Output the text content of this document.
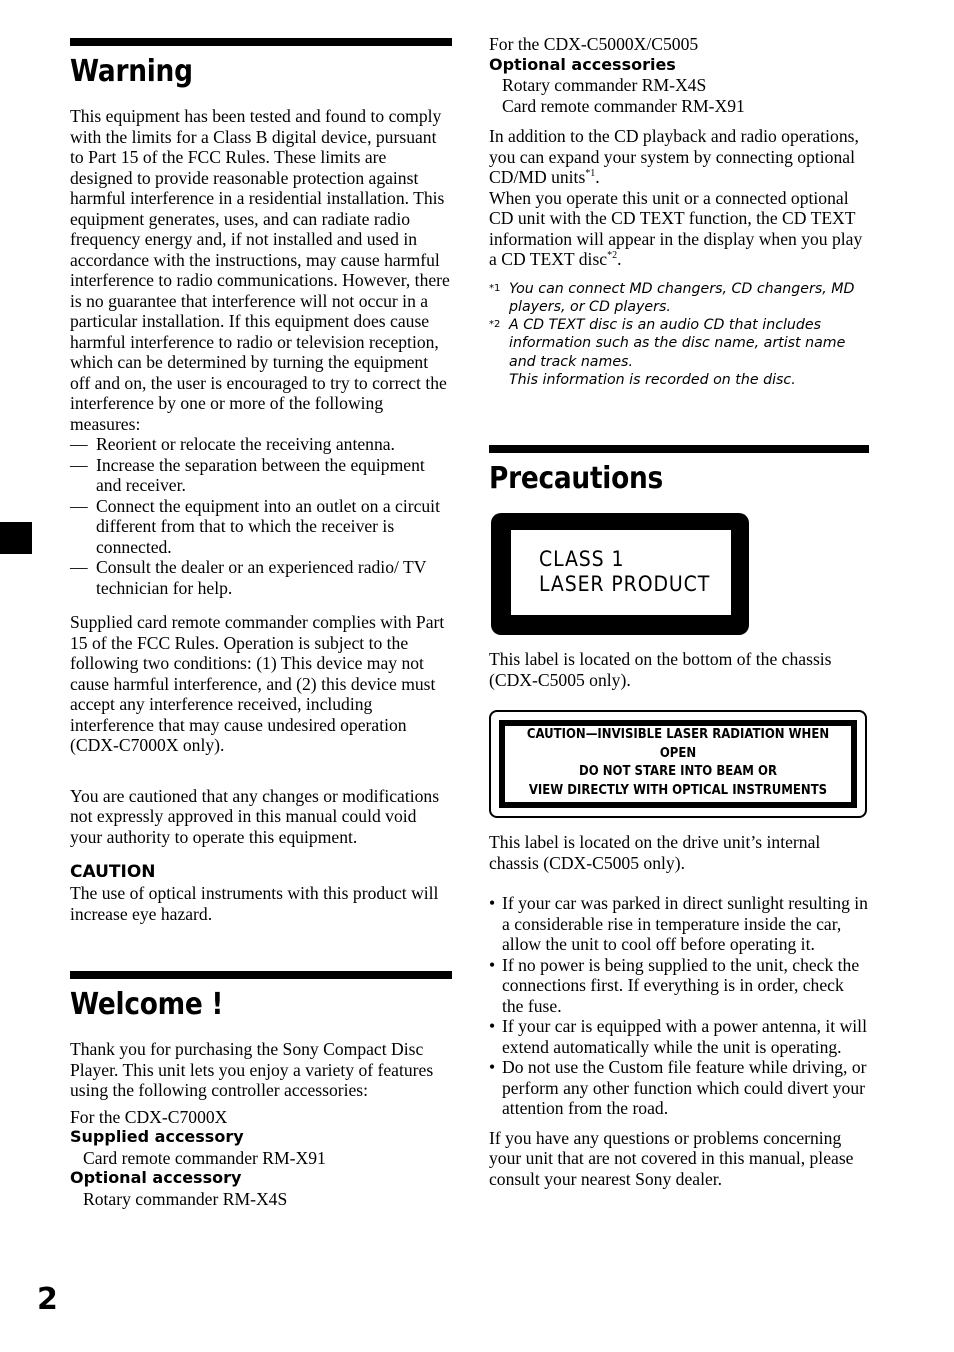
Warning

This equipment has been tested and found to comply with the limits for a Class B digital device, pursuant to Part 15 of the FCC Rules. These limits are designed to provide reasonable protection against harmful interference in a residential installation. This equipment generates, uses, and can radiate radio frequency energy and, if not installed and used in accordance with the instructions, may cause harmful interference to radio communications. However, there is no guarantee that interference will not occur in a particular installation. If this equipment does cause harmful interference to radio or television reception, which can be determined by turning the equipment off and on, the user is encouraged to try to correct the interference by one or more of the following measures:

— Reorient or relocate the receiving antenna.
— Increase the separation between the equipment and receiver.
— Connect the equipment into an outlet on a circuit different from that to which the receiver is connected.
— Consult the dealer or an experienced radio/ TV technician for help.

Supplied card remote commander complies with Part 15 of the FCC Rules. Operation is subject to the following two conditions: (1) This device may not cause harmful interference, and (2) this device must accept any interference received, including interference that may cause undesired operation (CDX-C7000X only).

You are cautioned that any changes or modifications not expressly approved in this manual could void your authority to operate this equipment.

CAUTION

The use of optical instruments with this product will increase eye hazard.

Welcome !

Thank you for purchasing the Sony Compact Disc Player. This unit lets you enjoy a variety of features using the following controller accessories:

For the CDX-C7000X

Supplied accessory
Card remote commander RM-X91
Optional accessory
Rotary commander RM-X4S

For the CDX-C5000X/C5005

Optional accessories
Rotary commander RM-X4S
Card remote commander RM-X91

In addition to the CD playback and radio operations, you can expand your system by connecting optional CD/MD units$^{*1}$.

When you operate this unit or a connected optional CD unit with the CD TEXT function, the CD TEXT information will appear in the display when you play a CD TEXT disc$^{*2}$.

*1 You can connect MD changers, CD changers, MD players, or CD players.
*2 A CD TEXT disc is an audio CD that includes information such as the disc name, artist name and track names.
This information is recorded on the disc.
Precautions
CLASS 1
LASER PRODUCT

This label is located on the bottom of the chassis (CDX-C5005 only).

CAUTION—INVISIBLE LASER RADIATION WHEN OPEN
DO NOT STARE INTO BEAM OR
VIEW DIRECTLY WITH OPTICAL INSTRUMENTS

This label is located on the drive unit’s internal chassis (CDX-C5005 only).

• If your car was parked in direct sunlight resulting in a considerable rise in temperature inside the car, allow the unit to cool off before operating it.
• If no power is being supplied to the unit, check the connections first. If everything is in order, check the fuse.
• If your car is equipped with a power antenna, it will extend automatically while the unit is operating.
• Do not use the Custom file feature while driving, or perform any other function which could divert your attention from the road.

If you have any questions or problems concerning your unit that are not covered in this manual, please consult your nearest Sony dealer.

2
